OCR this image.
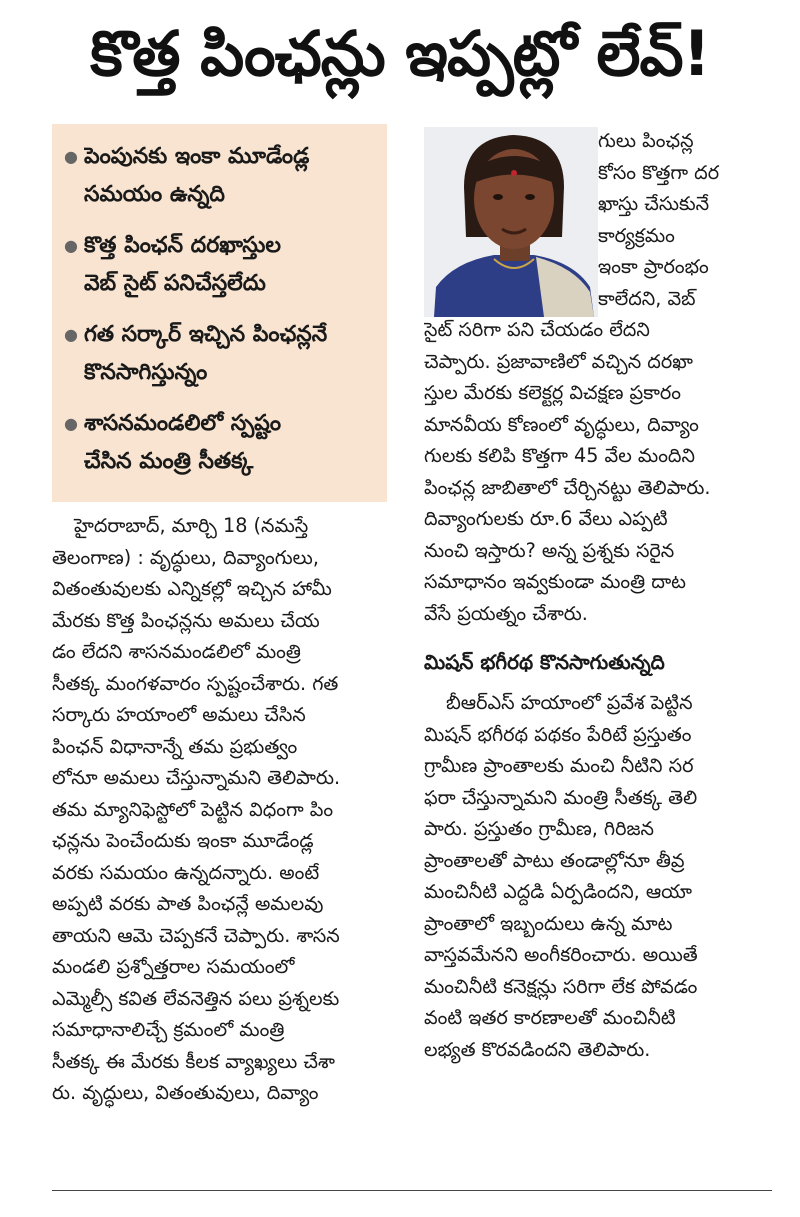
కొత్త పింఛన్లు ఇప్పట్లో లేవ్‌!
● పెంపునకు ఇంకా మూడేండ్ల
సమయం ఉన్నది
● కొత్త పింఛన్‌ దరఖాస్తుల
వెబ్‌ సైట్‌ పనిచేస్తలేదు
● గత సర్కార్‌ ఇచ్చిన పింఛన్లనే
కొనసాగిస్తున్నం
● శాసనమండలిలో స్పష్టం
చేసిన మంత్రి సీతక్క
గులు పింఛన్ల
కోసం కొత్తగా దర
ఖాస్తు చేసుకునే
కార్యక్రమం
ఇంకా ప్రారంభం
కాలేదని, వెబ్‌
సైట్‌ సరిగా పని చేయడం లేదని
చెప్పారు. ప్రజావాణిలో వచ్చిన దరఖా
స్తుల మేరకు కలెక్టర్ల విచక్షణ ప్రకారం
మానవీయ కోణంలో వృద్ధులు, దివ్యాం
గులకు కలిపి కొత్తగా 45 వేల మందిని
పింఛన్ల జాబితాలో చేర్చినట్టు తెలిపారు.
దివ్యాంగులకు రూ.6 వేలు ఎప్పటి
నుంచి ఇస్తారు? అన్న ప్రశ్నకు సరైన
సమాధానం ఇవ్వకుండా మంత్రి దాట
వేసే ప్రయత్నం చేశారు.
మిషన్‌ భగీరథ కొనసాగుతున్నది
బీఆర్‌ఎస్‌ హయాంలో ప్రవేశ పెట్టిన
మిషన్‌ భగీరథ పథకం పేరిటే ప్రస్తుతం
గ్రామీణ ప్రాంతాలకు మంచి నీటిని సర
ఫరా చేస్తున్నామని మంత్రి సీతక్క తెలి
పారు. ప్రస్తుతం గ్రామీణ, గిరిజన
ప్రాంతాలతో పాటు తండాల్లోనూ తీవ్ర
మంచినీటి ఎద్దడి ఏర్పడిందని, ఆయా
ప్రాంతాలో ఇబ్బందులు ఉన్న మాట
వాస్తవమేనని అంగీకరించారు. అయితే
మంచినీటి కనెక్షన్లు సరిగా లేక పోవడం
వంటి ఇతర కారణాలతో మంచినీటి
లభ్యత కొరవడిందని తెలిపారు.
హైదరాబాద్‌, మార్చి 18 (నమస్తే
తెలంగాణ) : వృద్ధులు, దివ్యాంగులు,
వితంతువులకు ఎన్నికల్లో ఇచ్చిన హామీ
మేరకు కొత్త పింఛన్లను అమలు చేయ
డం లేదని శాసనమండలిలో మంత్రి
సీతక్క మంగళవారం స్పష్టంచేశారు. గత
సర్కారు హయాంలో అమలు చేసిన
పింఛన్‌ విధానాన్నే తమ ప్రభుత్వం
లోనూ అమలు చేస్తున్నామని తెలిపారు.
తమ మ్యానిఫెస్టోలో పెట్టిన విధంగా పిం
ఛన్లను పెంచేందుకు ఇంకా మూడేండ్ల
వరకు సమయం ఉన్నదన్నారు. అంటే
అప్పటి వరకు పాత పింఛన్లే అమలవు
తాయని ఆమె చెప్పకనే చెప్పారు. శాసన
మండలి ప్రశ్నోత్తరాల సమయంలో
ఎమ్మెల్సీ కవిత లేవనెత్తిన పలు ప్రశ్నలకు
సమాధానాలిచ్చే క్రమంలో మంత్రి
సీతక్క ఈ మేరకు కీలక వ్యాఖ్యలు చేశా
రు. వృద్ధులు, వితంతువులు, దివ్యాం
